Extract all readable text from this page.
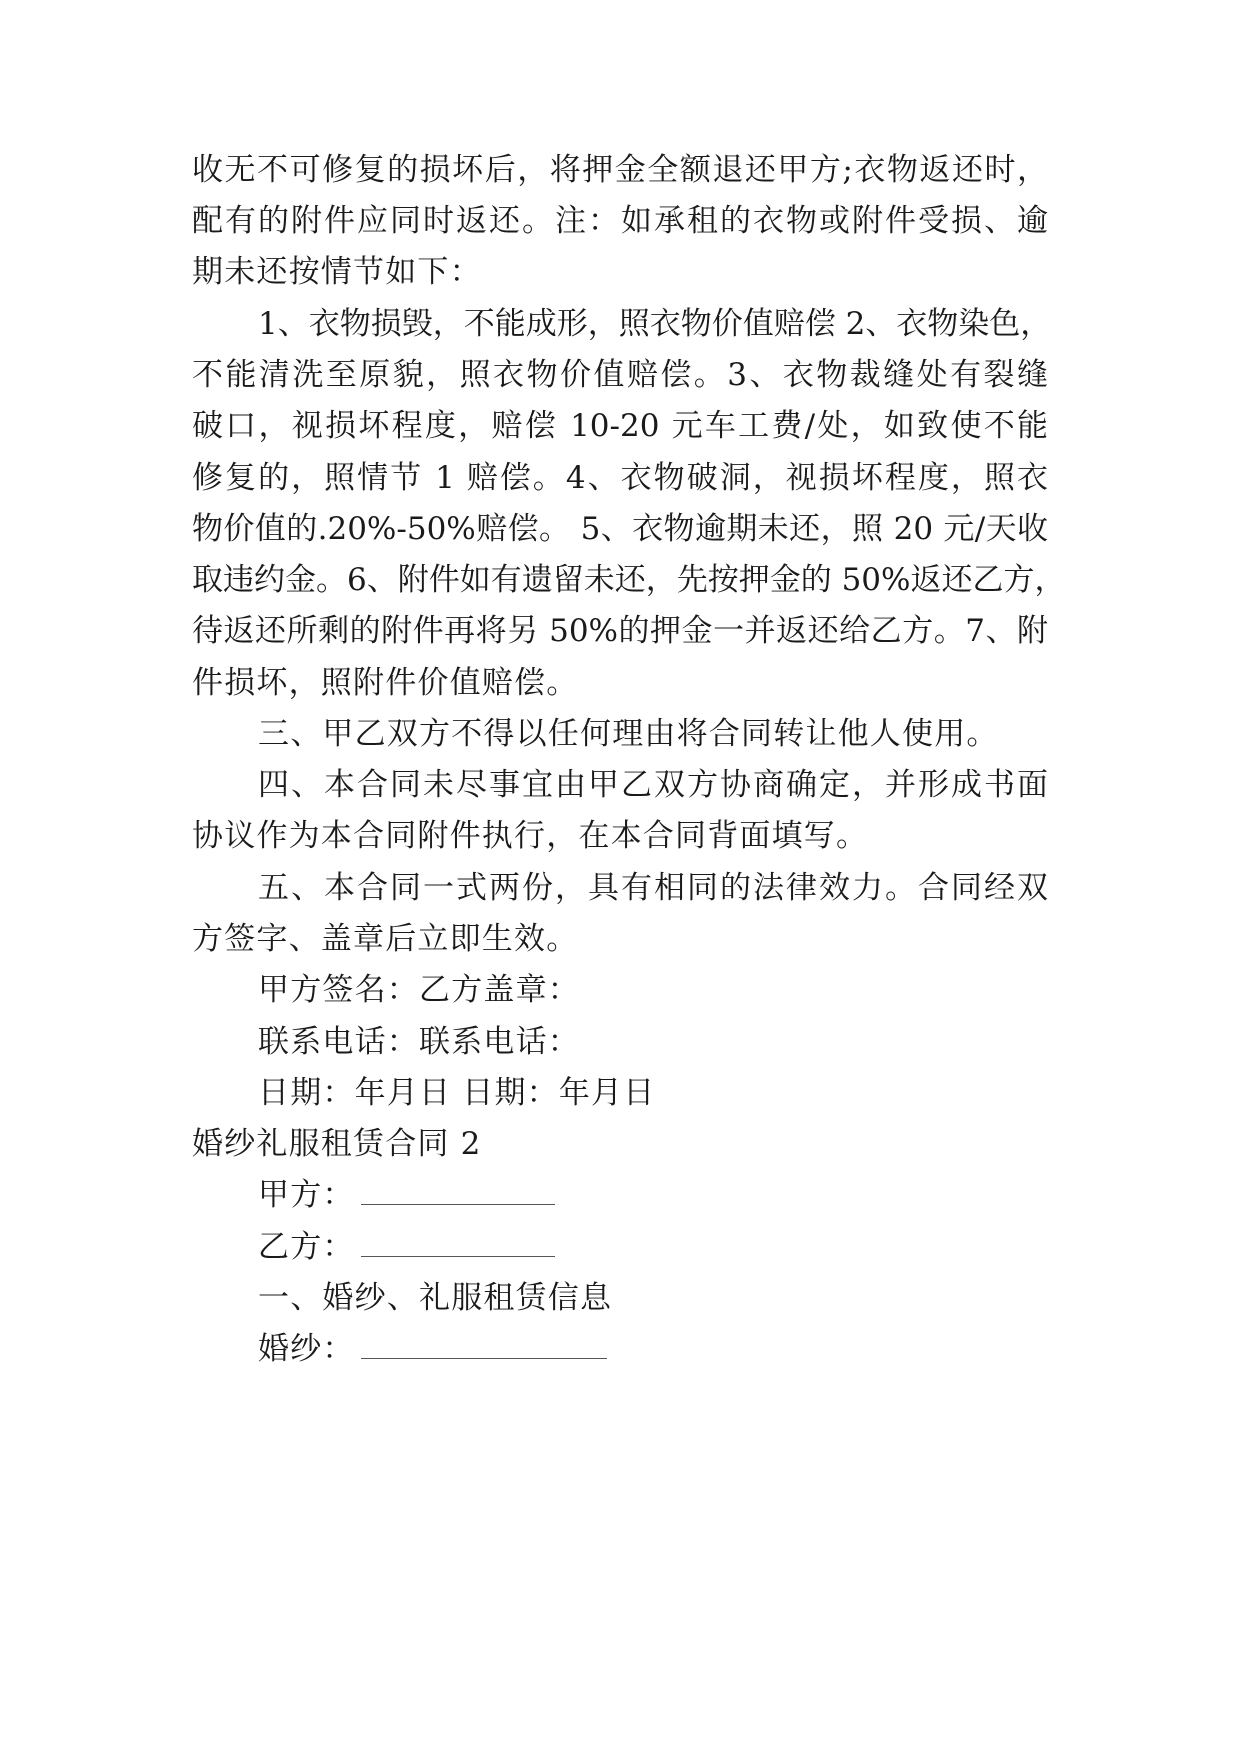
收无不可修复的损坏后，将押金全额退还甲方;衣物返还时，
配有的附件应同时返还。注：如承租的衣物或附件受损、逾
期未还按情节如下：
1、衣物损毁，不能成形，照衣物价值赔偿 2、衣物染色，
不能清洗至原貌，照衣物价值赔偿。3、衣物裁缝处有裂缝
破口，视损坏程度，赔偿 10-20 元车工费/处，如致使不能
修复的，照情节 1 赔偿。4、衣物破洞，视损坏程度，照衣
物价值的.20%-50%赔偿。 5、衣物逾期未还，照 20 元/天收
取违约金。6、附件如有遗留未还，先按押金的 50%返还乙方，
待返还所剩的附件再将另 50%的押金一并返还给乙方。7、附
件损坏，照附件价值赔偿。
三、甲乙双方不得以任何理由将合同转让他人使用。
四、本合同未尽事宜由甲乙双方协商确定，并形成书面
协议作为本合同附件执行，在本合同背面填写。
五、本合同一式两份，具有相同的法律效力。合同经双
方签字、盖章后立即生效。
甲方签名：乙方盖章：
联系电话：联系电话：
日期：年月日 日期：年月日
婚纱礼服租赁合同 2
甲方：
乙方：
一、婚纱、礼服租赁信息
婚纱：
